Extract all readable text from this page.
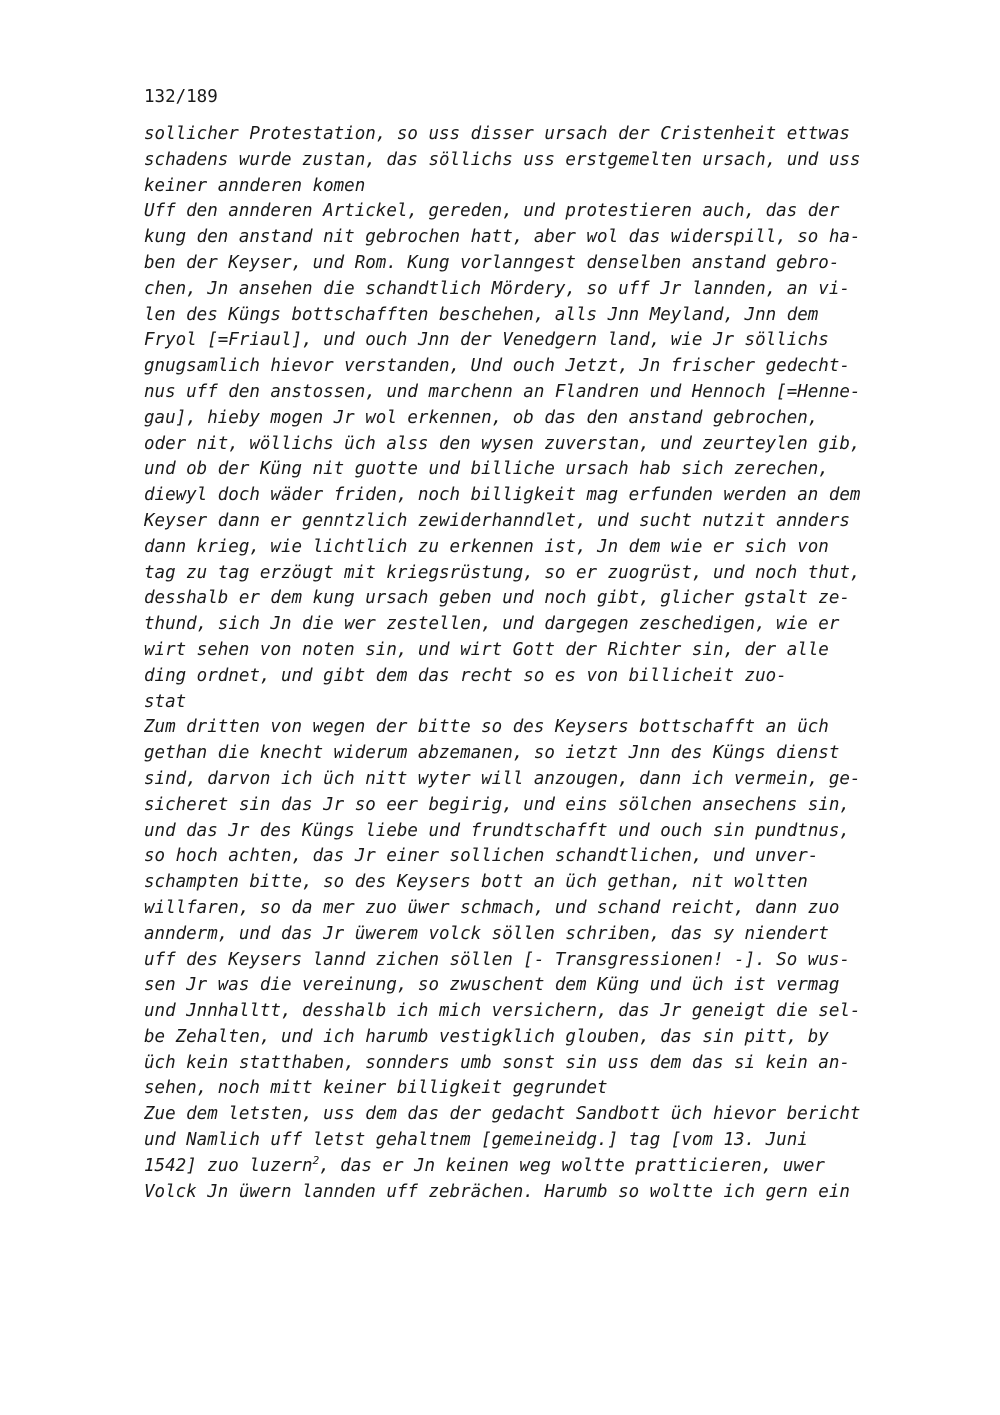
132/189
sollicher Protestation, so uss disser ursach der Cristenheit ettwas
schadens wurde zustan, das söllichs uss erstgemelten ursach, und uss
keiner annderen komen
Uff den annderen Artickel, gereden, und protestieren auch, das der
kung den anstand nit gebrochen hatt, aber wol das widerspill, so ha-
ben der Keyser, und Rom. Kung vorlanngest denselben anstand gebro-
chen, Jn ansehen die schandtlich Mördery, so uff Jr lannden, an vi-
len des Küngs bottschafften beschehen, alls Jnn Meyland, Jnn dem
Fryol [=Friaul], und ouch Jnn der Venedgern land, wie Jr söllichs
gnugsamlich hievor verstanden, Und ouch Jetzt, Jn frischer gedecht-
nus uff den anstossen, und marchenn an Flandren und Hennoch [=Henne-
gau], hieby mogen Jr wol erkennen, ob das den anstand gebrochen,
oder nit, wöllichs üch alss den wysen zuverstan, und zeurteylen gib,
und ob der Küng nit guotte und billiche ursach hab sich zerechen,
diewyl doch wäder friden, noch billigkeit mag erfunden werden an dem
Keyser dann er genntzlich zewiderhanndlet, und sucht nutzit annders
dann krieg, wie lichtlich zu erkennen ist, Jn dem wie er sich von
tag zu tag erzöugt mit kriegsrüstung, so er zuogrüst, und noch thut,
desshalb er dem kung ursach geben und noch gibt, glicher gstalt ze-
thund, sich Jn die wer zestellen, und dargegen zeschedigen, wie er
wirt sehen von noten sin, und wirt Gott der Richter sin, der alle
ding ordnet, und gibt dem das recht so es von billicheit zuo-
stat
Zum dritten von wegen der bitte so des Keysers bottschafft an üch
gethan die knecht widerum abzemanen, so ietzt Jnn des Küngs dienst
sind, darvon ich üch nitt wyter will anzougen, dann ich vermein, ge-
sicheret sin das Jr so eer begirig, und eins sölchen ansechens sin,
und das Jr des Küngs liebe und frundtschafft und ouch sin pundtnus,
so hoch achten, das Jr einer sollichen schandtlichen, und unver-
schampten bitte, so des Keysers bott an üch gethan, nit woltten
willfaren, so da mer zuo üwer schmach, und schand reicht, dann zuo
annderm, und das Jr üwerem volck söllen schriben, das sy niendert
uff des Keysers lannd zichen söllen [- Transgressionen! -]. So wus-
sen Jr was die vereinung, so zwuschent dem Küng und üch ist vermag
und Jnnhalltt, desshalb ich mich versichern, das Jr geneigt die sel-
be Zehalten, und ich harumb vestigklich glouben, das sin pitt, by
üch kein statthaben, sonnders umb sonst sin uss dem das si kein an-
sehen, noch mitt keiner billigkeit gegrundet
Zue dem letsten, uss dem das der gedacht Sandbott üch hievor bericht
und Namlich uff letst gehaltnem [gemeineidg.] tag [vom 13. Juni
1542] zuo luzern$^2$, das er Jn keinen weg woltte pratticieren, uwer
Volck Jn üwern lannden uff zebrächen. Harumb so woltte ich gern ein
